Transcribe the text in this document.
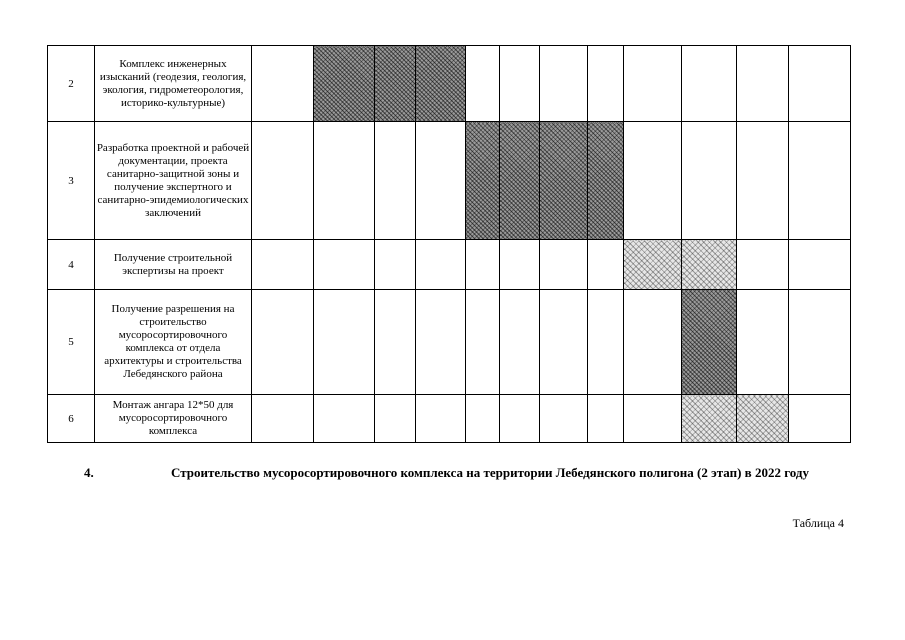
2	Комплекс инженерных изысканий (геодезия, геология, экология, гидрометеорология, историко-культурные)												
3	Разработка проектной и рабочей документации, проекта санитарно-защитной зоны и получение экспертного и санитарно-эпидемиологических заключений												
4	Получение строительной экспертизы на проект												
5	Получение разрешения на строительство мусоросортировочного комплекса от отдела архитектуры и строительства Лебедянского района												
6	Монтаж ангара 12*50 для мусоросортировочного комплекса												
4.	Строительство мусоросортировочного комплекса на территории Лебедянского полигона (2 этап) в 2022 году
Таблица 4
